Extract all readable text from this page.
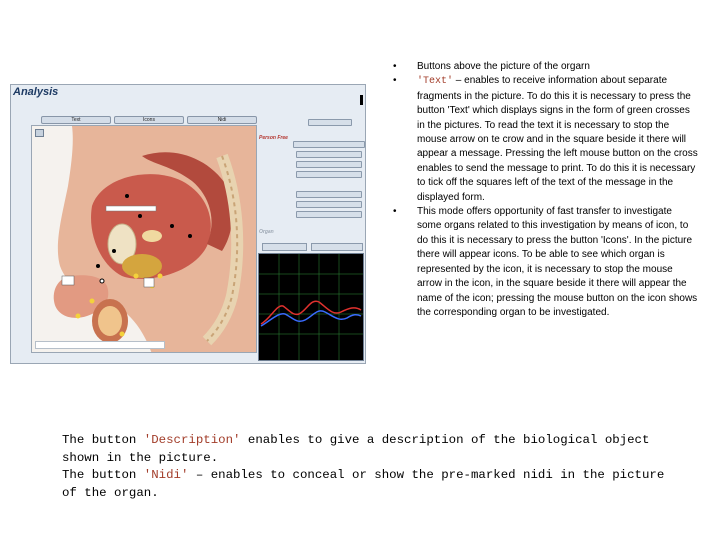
Analysis
Text	Icons	Nidi
Person Free
Organ
• Buttons above the picture of the orgarn
• 'Text' – enables to receive information about separate fragments in the picture. To do this it is necessary to press the button 'Text' which displays signs in the form of green crosses in the pictures. To read the text it is necessary to stop the mouse arrow on te crow and in the square beside it there will appear a message. Pressing the left mouse button on the cross enables to send the message to print. To do this it is necessary to tick off the squares left of the text of the message in the displayed form.
• This mode offers opportunity of fast transfer to investigate some organs related to this investigation by means of icon, to do this it is necessary to press the button 'Icons'. In the picture there will appear icons. To be able to see which organ is represented by the icon, it is necessary to stop the mouse arrow in the icon, in the square beside it there will appear the name of the icon; pressing the mouse button on the icon shows the corresponding organ to be investigated.
The button 'Description' enables to give a description of the biological object
shown in the picture.
The button 'Nidi' – enables to conceal or show the pre-marked nidi in the picture
of the organ.
